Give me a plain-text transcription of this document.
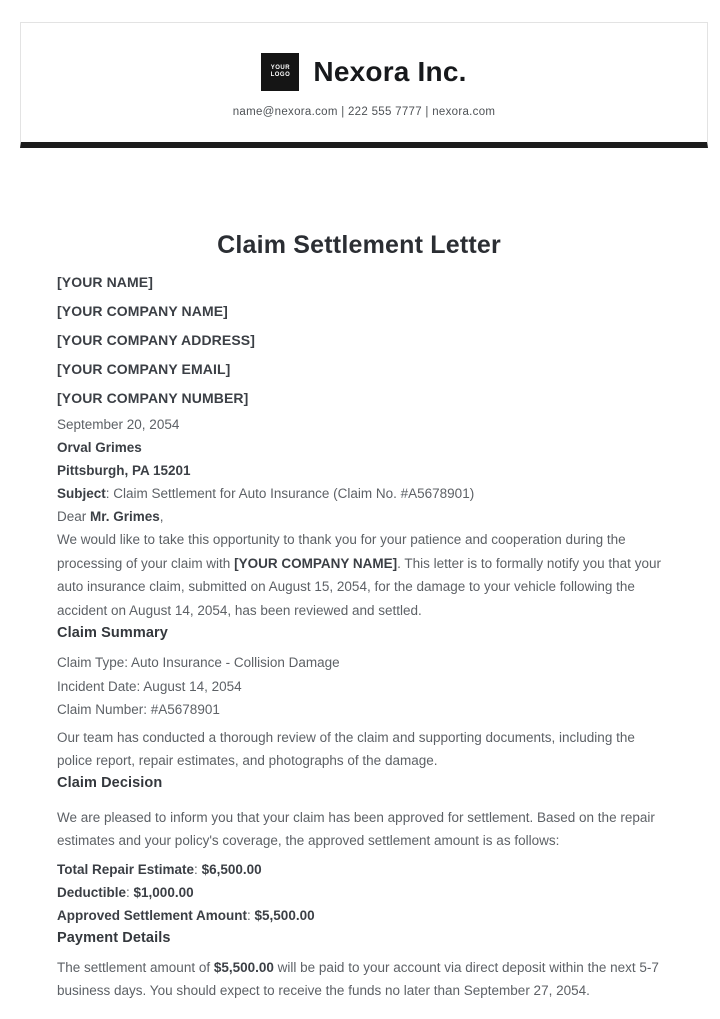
YOUR LOGO Nexora Inc.
name@nexora.com | 222 555 7777 | nexora.com
Claim Settlement Letter
[YOUR NAME]
[YOUR COMPANY NAME]
[YOUR COMPANY ADDRESS]
[YOUR COMPANY EMAIL]
[YOUR COMPANY NUMBER]
September 20, 2054
Orval Grimes
Pittsburgh, PA 15201
Subject: Claim Settlement for Auto Insurance (Claim No. #A5678901)
Dear Mr. Grimes,
We would like to take this opportunity to thank you for your patience and cooperation during the processing of your claim with [YOUR COMPANY NAME]. This letter is to formally notify you that your auto insurance claim, submitted on August 15, 2054, for the damage to your vehicle following the accident on August 14, 2054, has been reviewed and settled.
Claim Summary
Claim Type: Auto Insurance - Collision Damage
Incident Date: August 14, 2054
Claim Number: #A5678901
Our team has conducted a thorough review of the claim and supporting documents, including the police report, repair estimates, and photographs of the damage.
Claim Decision
We are pleased to inform you that your claim has been approved for settlement. Based on the repair estimates and your policy's coverage, the approved settlement amount is as follows:
Total Repair Estimate: $6,500.00
Deductible: $1,000.00
Approved Settlement Amount: $5,500.00
Payment Details
The settlement amount of $5,500.00 will be paid to your account via direct deposit within the next 5-7 business days. You should expect to receive the funds no later than September 27, 2054.
